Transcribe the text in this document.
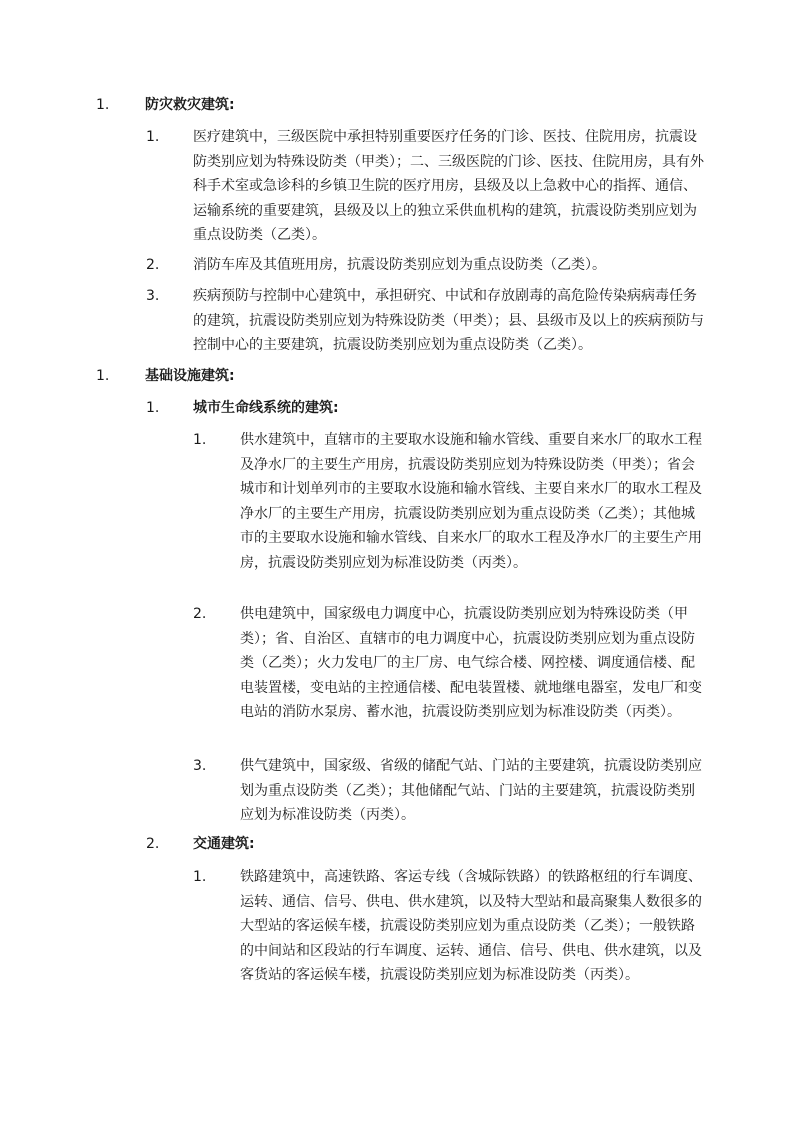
1.	防灾救灾建筑:
1. 医疗建筑中，三级医院中承担特别重要医疗任务的门诊、医技、住院用房，抗震设防类别应划为特殊设防类（甲类）；二、三级医院的门诊、医技、住院用房，具有外科手术室或急诊科的乡镇卫生院的医疗用房，县级及以上急救中心的指挥、通信、运输系统的重要建筑，县级及以上的独立采供血机构的建筑，抗震设防类别应划为重点设防类（乙类）。
2. 消防车库及其值班用房，抗震设防类别应划为重点设防类（乙类）。
3. 疾病预防与控制中心建筑中，承担研究、中试和存放剧毒的高危险传染病病毒任务的建筑，抗震设防类别应划为特殊设防类（甲类）；县、县级市及以上的疾病预防与控制中心的主要建筑，抗震设防类别应划为重点设防类（乙类）。
1.	基础设施建筑:
1. 城市生命线系统的建筑:
1. 供水建筑中，直辖市的主要取水设施和输水管线、重要自来水厂的取水工程及净水厂的主要生产用房，抗震设防类别应划为特殊设防类（甲类）；省会城市和计划单列市的主要取水设施和输水管线、主要自来水厂的取水工程及净水厂的主要生产用房，抗震设防类别应划为重点设防类（乙类）；其他城市的主要取水设施和输水管线、自来水厂的取水工程及净水厂的主要生产用房，抗震设防类别应划为标准设防类（丙类）。
2. 供电建筑中，国家级电力调度中心，抗震设防类别应划为特殊设防类（甲类）；省、自治区、直辖市的电力调度中心，抗震设防类别应划为重点设防类（乙类）；火力发电厂的主厂房、电气综合楼、网控楼、调度通信楼、配电装置楼，变电站的主控通信楼、配电装置楼、就地继电器室，发电厂和变电站的消防水泵房、蓄水池，抗震设防类别应划为标准设防类（丙类）。
3. 供气建筑中，国家级、省级的储配气站、门站的主要建筑，抗震设防类别应划为重点设防类（乙类）；其他储配气站、门站的主要建筑，抗震设防类别应划为标准设防类（丙类）。
2. 交通建筑:
1. 铁路建筑中，高速铁路、客运专线（含城际铁路）的铁路枢纽的行车调度、运转、通信、信号、供电、供水建筑，以及特大型站和最高聚集人数很多的大型站的客运候车楼，抗震设防类别应划为重点设防类（乙类）；一般铁路的中间站和区段站的行车调度、运转、通信、信号、供电、供水建筑，以及客货站的客运候车楼，抗震设防类别应划为标准设防类（丙类）。
